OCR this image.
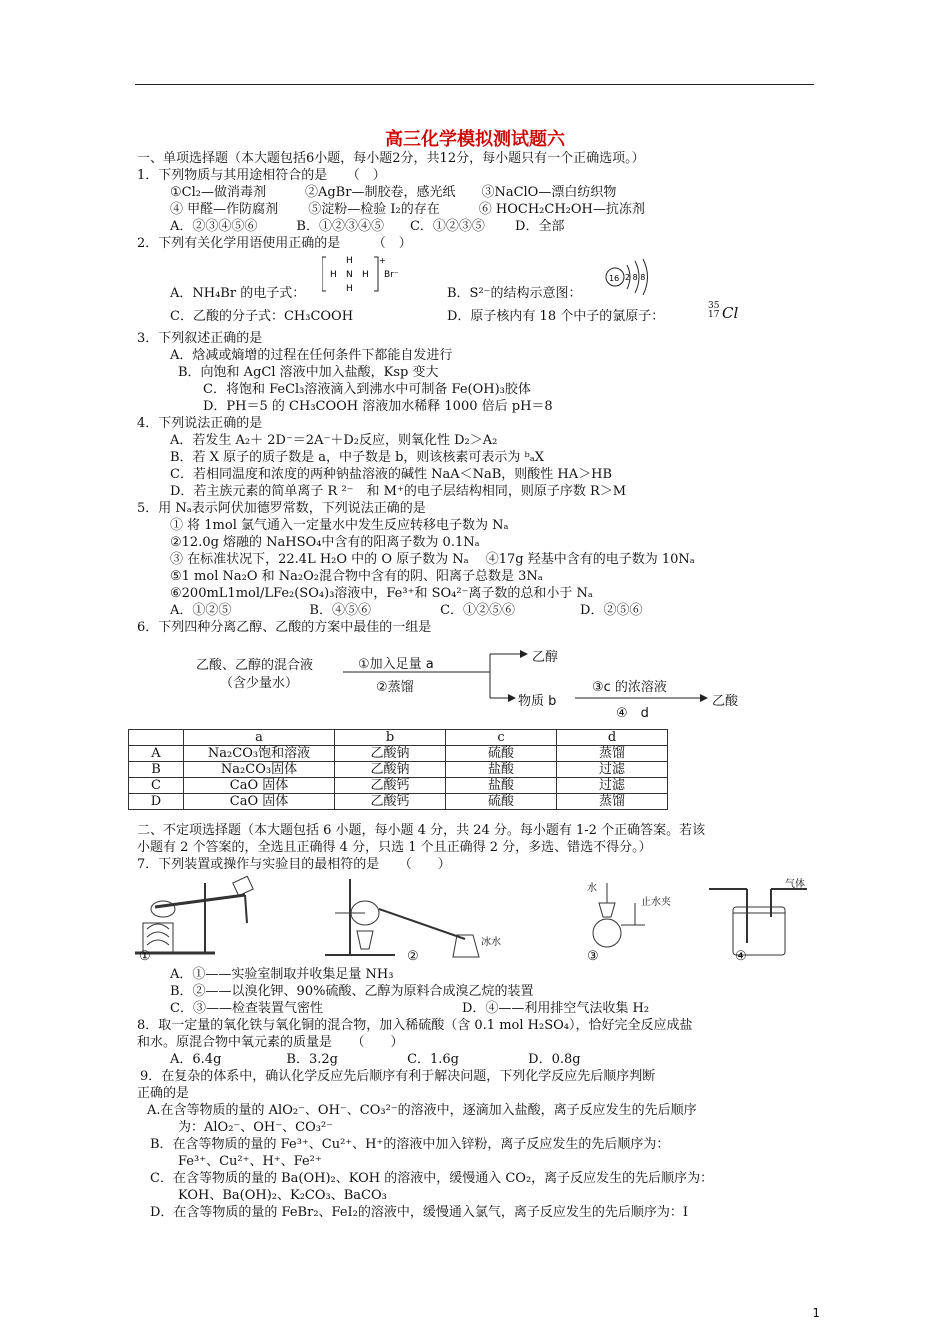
高三化学模拟测试题六
一、单项选择题（本大题包括6小题，每小题2分，共12分，每小题只有一个正确选项。）
1．下列物质与其用途相符合的是　　（　）
①Cl₂—做消毒剂　　　②AgBr—制胶卷，感光纸　　③NaClO—漂白纺织物
④ 甲醛—作防腐剂　　 ⑤淀粉—检验 I₂的存在　　　⑥ HOCH₂CH₂OH—抗冻剂
A．②③④⑤⑥　　　B．①②③④⑤　　C．①②③⑤　　 D．全部
2．下列有关化学用语使用正确的是　　　（　）
H
H N H
H
+
Br⁻	16 2 8 8
A．NH₄Br 的电子式：	B．S²⁻的结构示意图：
C．乙酸的分子式：CH₃COOH	D．原子核内有 18 个中子的氯原子：
35
17 Cl
3．下列叙述正确的是
A．焓减或熵增的过程在任何条件下都能自发进行
B．向饱和 AgCl 溶液中加入盐酸，Ksp 变大
C．将饱和 FeCl₃溶液滴入到沸水中可制备 Fe(OH)₃胶体
D．PH＝5 的 CH₃COOH 溶液加水稀释 1000 倍后 pH＝8
4．下列说法正确的是
A．若发生 A₂＋ 2D⁻＝2A⁻＋D₂反应，则氧化性 D₂＞A₂
B．若 X 原子的质子数是 a，中子数是 b，则该核素可表示为 ᵇₐX
C．若相同温度和浓度的两种钠盐溶液的碱性 NaA＜NaB，则酸性 HA＞HB
D．若主族元素的简单离子 R ²⁻　和 M⁺的电子层结构相同，则原子序数 R＞M
5．用 Nₐ表示阿伏加德罗常数，下列说法正确的是
① 将 1mol 氯气通入一定量水中发生反应转移电子数为 Nₐ
②12.0g 熔融的 NaHSO₄中含有的阳离子数为 0.1Nₐ
③ 在标准状况下，22.4L H₂O 中的 O 原子数为 Nₐ　 ④17g 羟基中含有的电子数为 10Nₐ
⑤1 mol Na₂O 和 Na₂O₂混合物中含有的阴、阳离子总数是 3Nₐ
⑥200mL1mol/LFe₂(SO₄)₃溶液中，Fe³⁺和 SO₄²⁻离子数的总和小于 Nₐ
A．①②⑤　　　　　　B．④⑤⑥　　　　　 C．①②⑤⑥　　　　　D．②⑤⑥
6．下列四种分离乙醇、乙酸的方案中最佳的一组是
乙酸、乙醇的混合液
（含少量水）
①加入足量 a
②蒸馏
乙醇
物质 b
③c 的浓溶液
④　d
乙酸
	a	b	c	d
A	Na₂CO₃饱和溶液	乙酸钠	硫酸	蒸馏
B	Na₂CO₃固体	乙酸钠	盐酸	过滤
C	CaO 固体	乙酸钙	盐酸	过滤
D	CaO 固体	乙酸钙	硫酸	蒸馏
二、不定项选择题（本大题包括 6 小题，每小题 4 分，共 24 分。每小题有 1-2 个正确答案。若该
小题有 2 个答案的，全选且正确得 4 分，只选 1 个且正确得 2 分，多选、错选不得分。）
7．下列装置或操作与实验目的最相符的是　　（　　）
①	②	③	④
水
止水夹
冰水
气体
A．①——实验室制取并收集足量 NH₃
B．②——以溴化钾、90%硫酸、乙醇为原料合成溴乙烷的装置
C．③——检查装置气密性	D．④——利用排空气法收集 H₂
8．取一定量的氧化铁与氧化铜的混合物，加入稀硫酸（含 0.1 mol H₂SO₄），恰好完全反应成盐
和水。原混合物中氧元素的质量是　　（　　）
A．6.4g　　　　　B．3.2g　　　　　 C．1.6g　　　　　 D．0.8g
9．在复杂的体系中，确认化学反应先后顺序有利于解决问题，下列化学反应先后顺序判断
正确的是
A.在含等物质的量的 AlO₂⁻、OH⁻、CO₃²⁻的溶液中，逐滴加入盐酸，离子反应发生的先后顺序
为：AlO₂⁻、OH⁻、CO₃²⁻
B．在含等物质的量的 Fe³⁺、Cu²⁺、H⁺的溶液中加入锌粉，离子反应发生的先后顺序为：
Fe³⁺、Cu²⁺、H⁺、Fe²⁺
C．在含等物质的量的 Ba(OH)₂、KOH 的溶液中，缓慢通入 CO₂，离子反应发生的先后顺序为：
KOH、Ba(OH)₂、K₂CO₃、BaCO₃
D．在含等物质的量的 FeBr₂、FeI₂的溶液中，缓慢通入氯气，离子反应发生的先后顺序为：I
1
